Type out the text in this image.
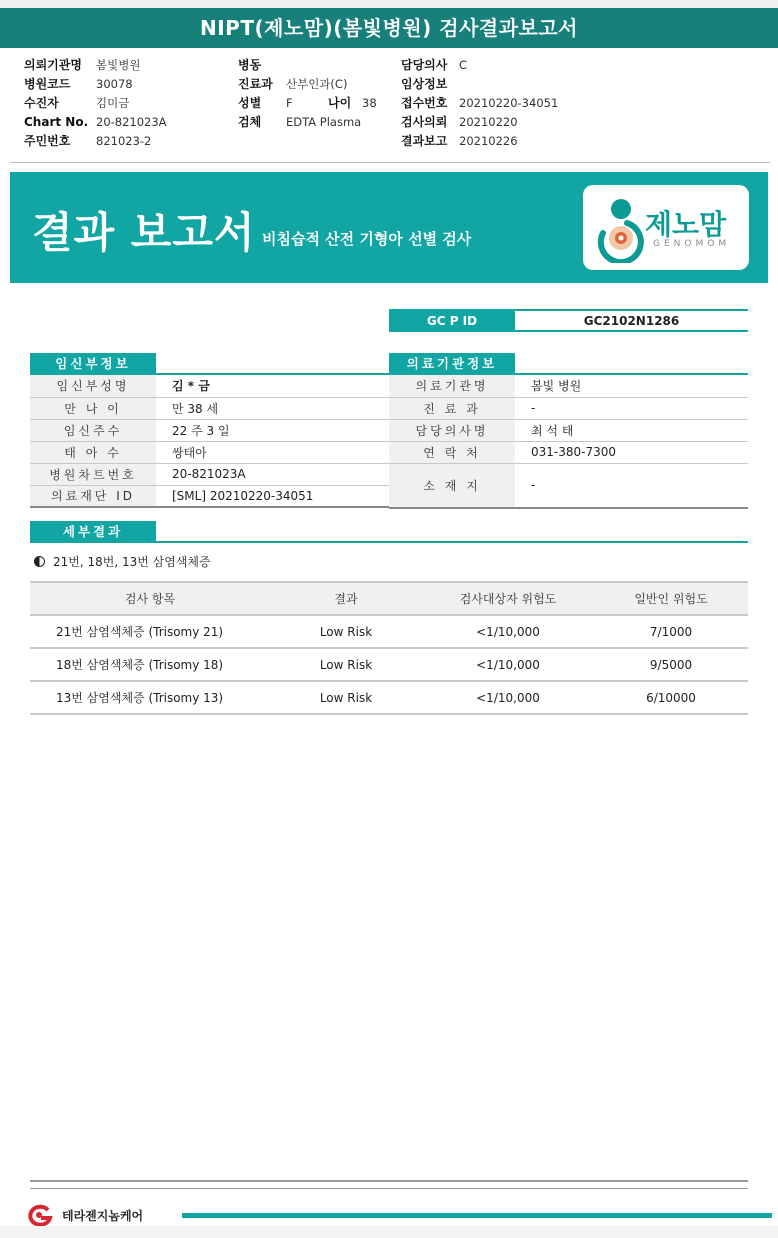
NIPT(제노맘)(봄빛병원) 검사결과보고서
의뢰기관명	봄빛병원
병원코드	30078
수진자	김미금
Chart No. 20-821023A
주민번호	821023-2
병동
진료과	산부인과(C)
성별	F	나이 38
검체	EDTA Plasma
담당의사	C
임상정보
접수번호	20210220-34051
검사의뢰	20210220
결과보고	20210226
결과 보고서 비침습적 산전 기형아 선별 검사	제노맘
GENOMOM
GC P ID	GC2102N1286
임신부정보
임신부성명	김 * 금
만 나 이	만 38 세
임신주수	22 주 3 일
태 아 수	쌍태아
병원차트번호	20-821023A
의료재단 ID	[SML] 20210220-34051
의료기관정보
의료기관명	봄빛 병원
진 료 과	-
담당의사명	최 석 태
연 락 처	031-380-7300
소 재 지	-
세부결과
21번, 18번, 13번 삼염색체증
검사 항목	결과	검사대상자 위험도	일반인 위험도
21번 삼염색체증 (Trisomy 21)	Low Risk	<1/10,000	7/1000
18번 삼염색체증 (Trisomy 18)	Low Risk	<1/10,000	9/5000
13번 삼염색체증 (Trisomy 13)	Low Risk	<1/10,000	6/10000
테라젠지놈케어
